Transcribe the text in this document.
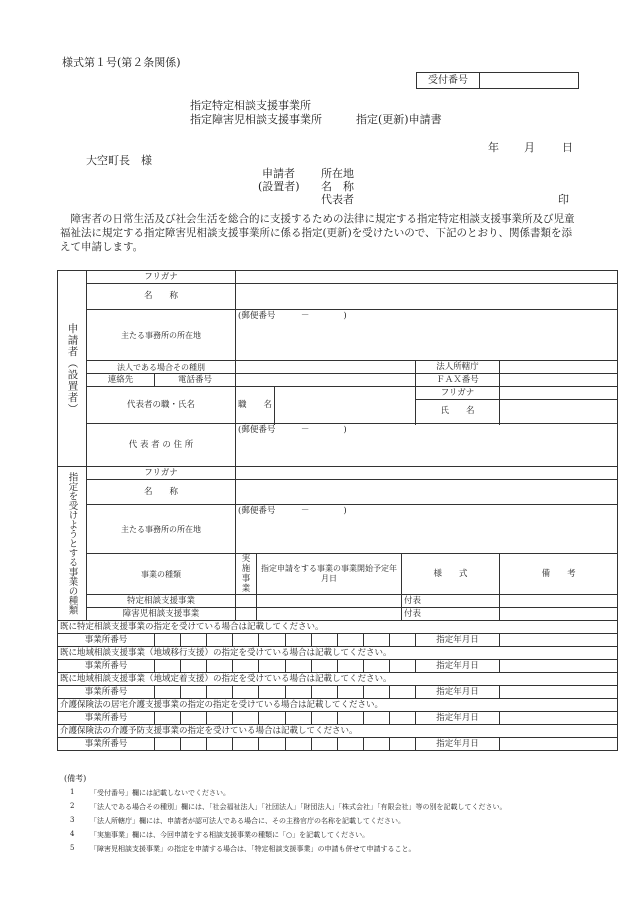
様式第１号(第２条関係)
受付番号
指定特定相談支援事業所
指定障害児相談支援事業所	指定(更新)申請書
年 月 日
大空町長　様
申請者
(設置者)
所在地
名　称
代表者	印
障害者の日常生活及び社会生活を総合的に支援するための法律に規定する指定特定相談支援事業所及び児童福祉法に規定する指定障害児相談支援事業所に係る指定(更新)を受けたいので、下記のとおり、関係書類を添えて申請します。
申請者（設置者）	フリガナ							
	名　　称							
	主たる事務所の所在地		(郵便番号　　　－　　　　)					

	法人である場合その種別						法人所轄庁	
	連絡先	電話番号					ＦＡＸ番号	
	代表者の職・氏名		職　　名				フリガナ	
							氏　　名	

	代 表 者 の 住 所		(郵便番号　　　－　　　　)					

指定を受けようとする事業の種類	フリガナ							
	名　　称							
	主たる事務所の所在地		(郵便番号　　　－　　　　)					

	事業の種類		実施事業	指定申請をする事業の事業開始予定年月日		様　　式		備　　考
	特定相談支援事業					付表		
	障害児相談支援事業					付表		
既に特定相談支援事業の指定を受けている場合は記載してください。								
事業所番号							指定年月日	
既に地域相談支援事業（地域移行支援）の指定を受けている場合は記載してください。								
事業所番号							指定年月日	
既に地域相談支援事業（地域定着支援）の指定を受けている場合は記載してください。								
事業所番号							指定年月日	
介護保険法の居宅介護支援事業の指定の指定を受けている場合は記載してください。								
事業所番号							指定年月日	
介護保険法の介護予防支援事業の指定を受けている場合は記載してください。								
事業所番号							指定年月日	
(備考)
1 「受付番号」欄には記載しないでください。
2 「法人である場合その種別」欄には、「社会福祉法人」「社団法人」「財団法人」「株式会社」「有限会社」等の別を記載してください。
3 「法人所轄庁」欄には、申請者が認可法人である場合に、その主務官庁の名称を記載してください。
4 「実施事業」欄には、今回申請をする相談支援事業の種類に「○」を記載してください。
5 「障害児相談支援事業」の指定を申請する場合は、「特定相談支援事業」の申請も併せて申請すること。
